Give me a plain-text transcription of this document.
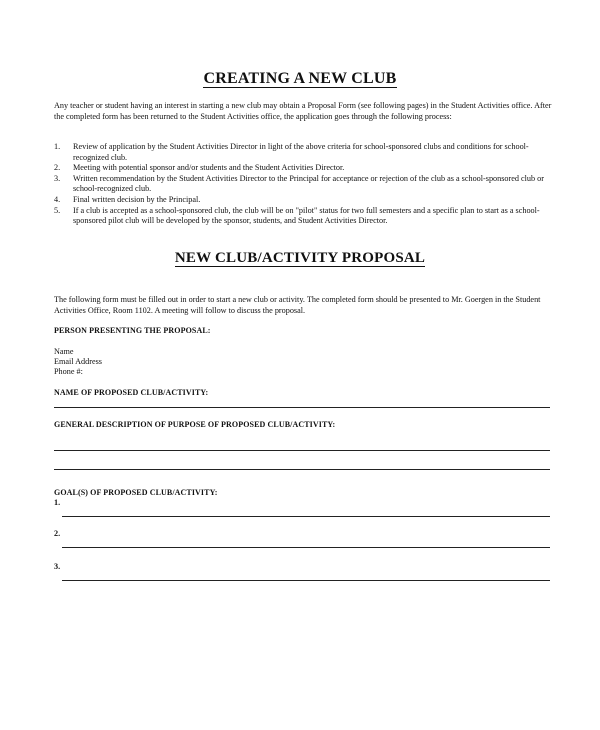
CREATING A NEW CLUB
Any teacher or student having an interest in starting a new club may obtain a Proposal Form (see following pages) in the Student Activities office. After the completed form has been returned to the Student Activities office, the application goes through the following process:
1. Review of application by the Student Activities Director in light of the above criteria for school-sponsored clubs and conditions for school-recognized club.
2. Meeting with potential sponsor and/or students and the Student Activities Director.
3. Written recommendation by the Student Activities Director to the Principal for acceptance or rejection of the club as a school-sponsored club or school-recognized club.
4. Final written decision by the Principal.
5. If a club is accepted as a school-sponsored club, the club will be on "pilot" status for two full semesters and a specific plan to start as a school-sponsored pilot club will be developed by the sponsor, students, and Student Activities Director.
NEW CLUB/ACTIVITY PROPOSAL
The following form must be filled out in order to start a new club or activity. The completed form should be presented to Mr. Goergen in the Student Activities Office, Room 1102. A meeting will follow to discuss the proposal.
PERSON PRESENTING THE PROPOSAL:
Name
Email Address
Phone #:
NAME OF PROPOSED CLUB/ACTIVITY:
GENERAL DESCRIPTION OF PURPOSE OF PROPOSED CLUB/ACTIVITY:
GOAL(S) OF PROPOSED CLUB/ACTIVITY:
1.
2.
3.
